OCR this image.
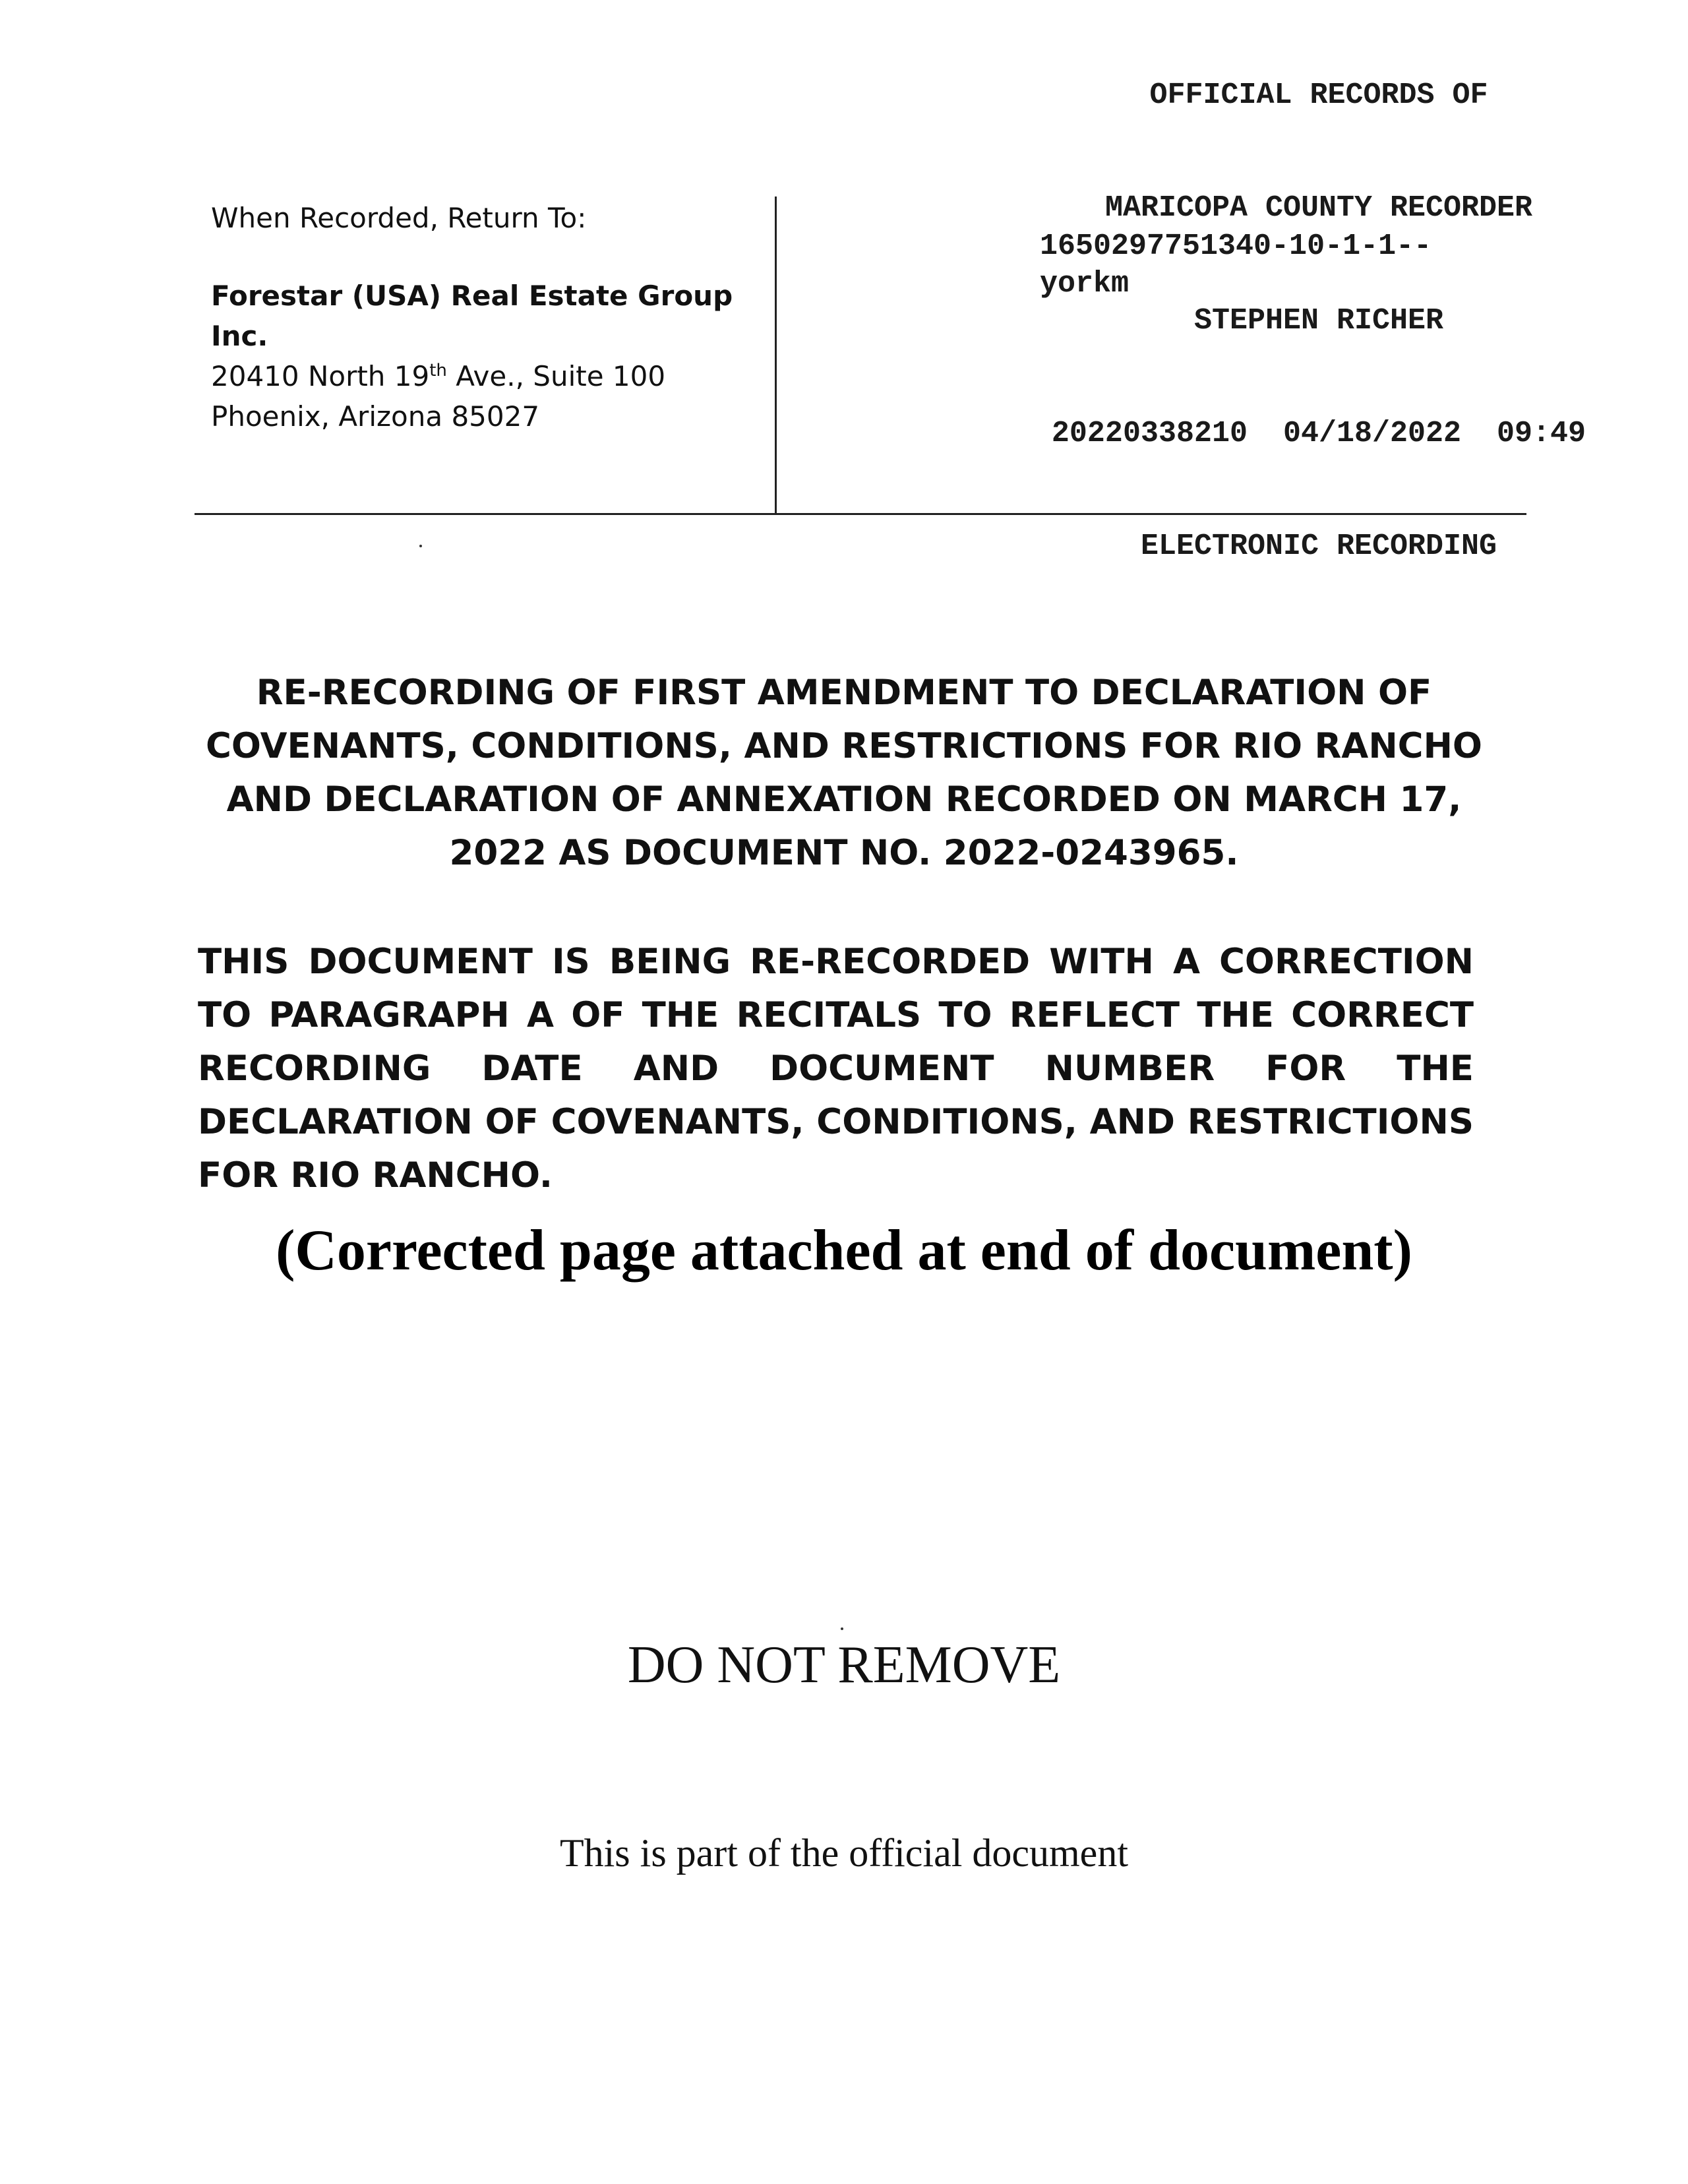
OFFICIAL RECORDS OF

MARICOPA COUNTY RECORDER

STEPHEN RICHER

20220338210  04/18/2022  09:49

ELECTRONIC RECORDING

1650297751340-10-1-1--
yorkm
When Recorded, Return To:
Forestar (USA) Real Estate Group Inc.
20410 North 19th Ave., Suite 100
Phoenix, Arizona 85027
RE-RECORDING OF FIRST AMENDMENT TO DECLARATION OF COVENANTS, CONDITIONS, AND RESTRICTIONS FOR RIO RANCHO AND DECLARATION OF ANNEXATION RECORDED ON MARCH 17, 2022 AS DOCUMENT NO. 2022-0243965.
THIS DOCUMENT IS BEING RE-RECORDED WITH A CORRECTION TO PARAGRAPH A OF THE RECITALS TO REFLECT THE CORRECT RECORDING DATE AND DOCUMENT NUMBER FOR THE DECLARATION OF COVENANTS, CONDITIONS, AND RESTRICTIONS FOR RIO RANCHO.
(Corrected page attached at end of document)
DO NOT REMOVE
This is part of the official document
